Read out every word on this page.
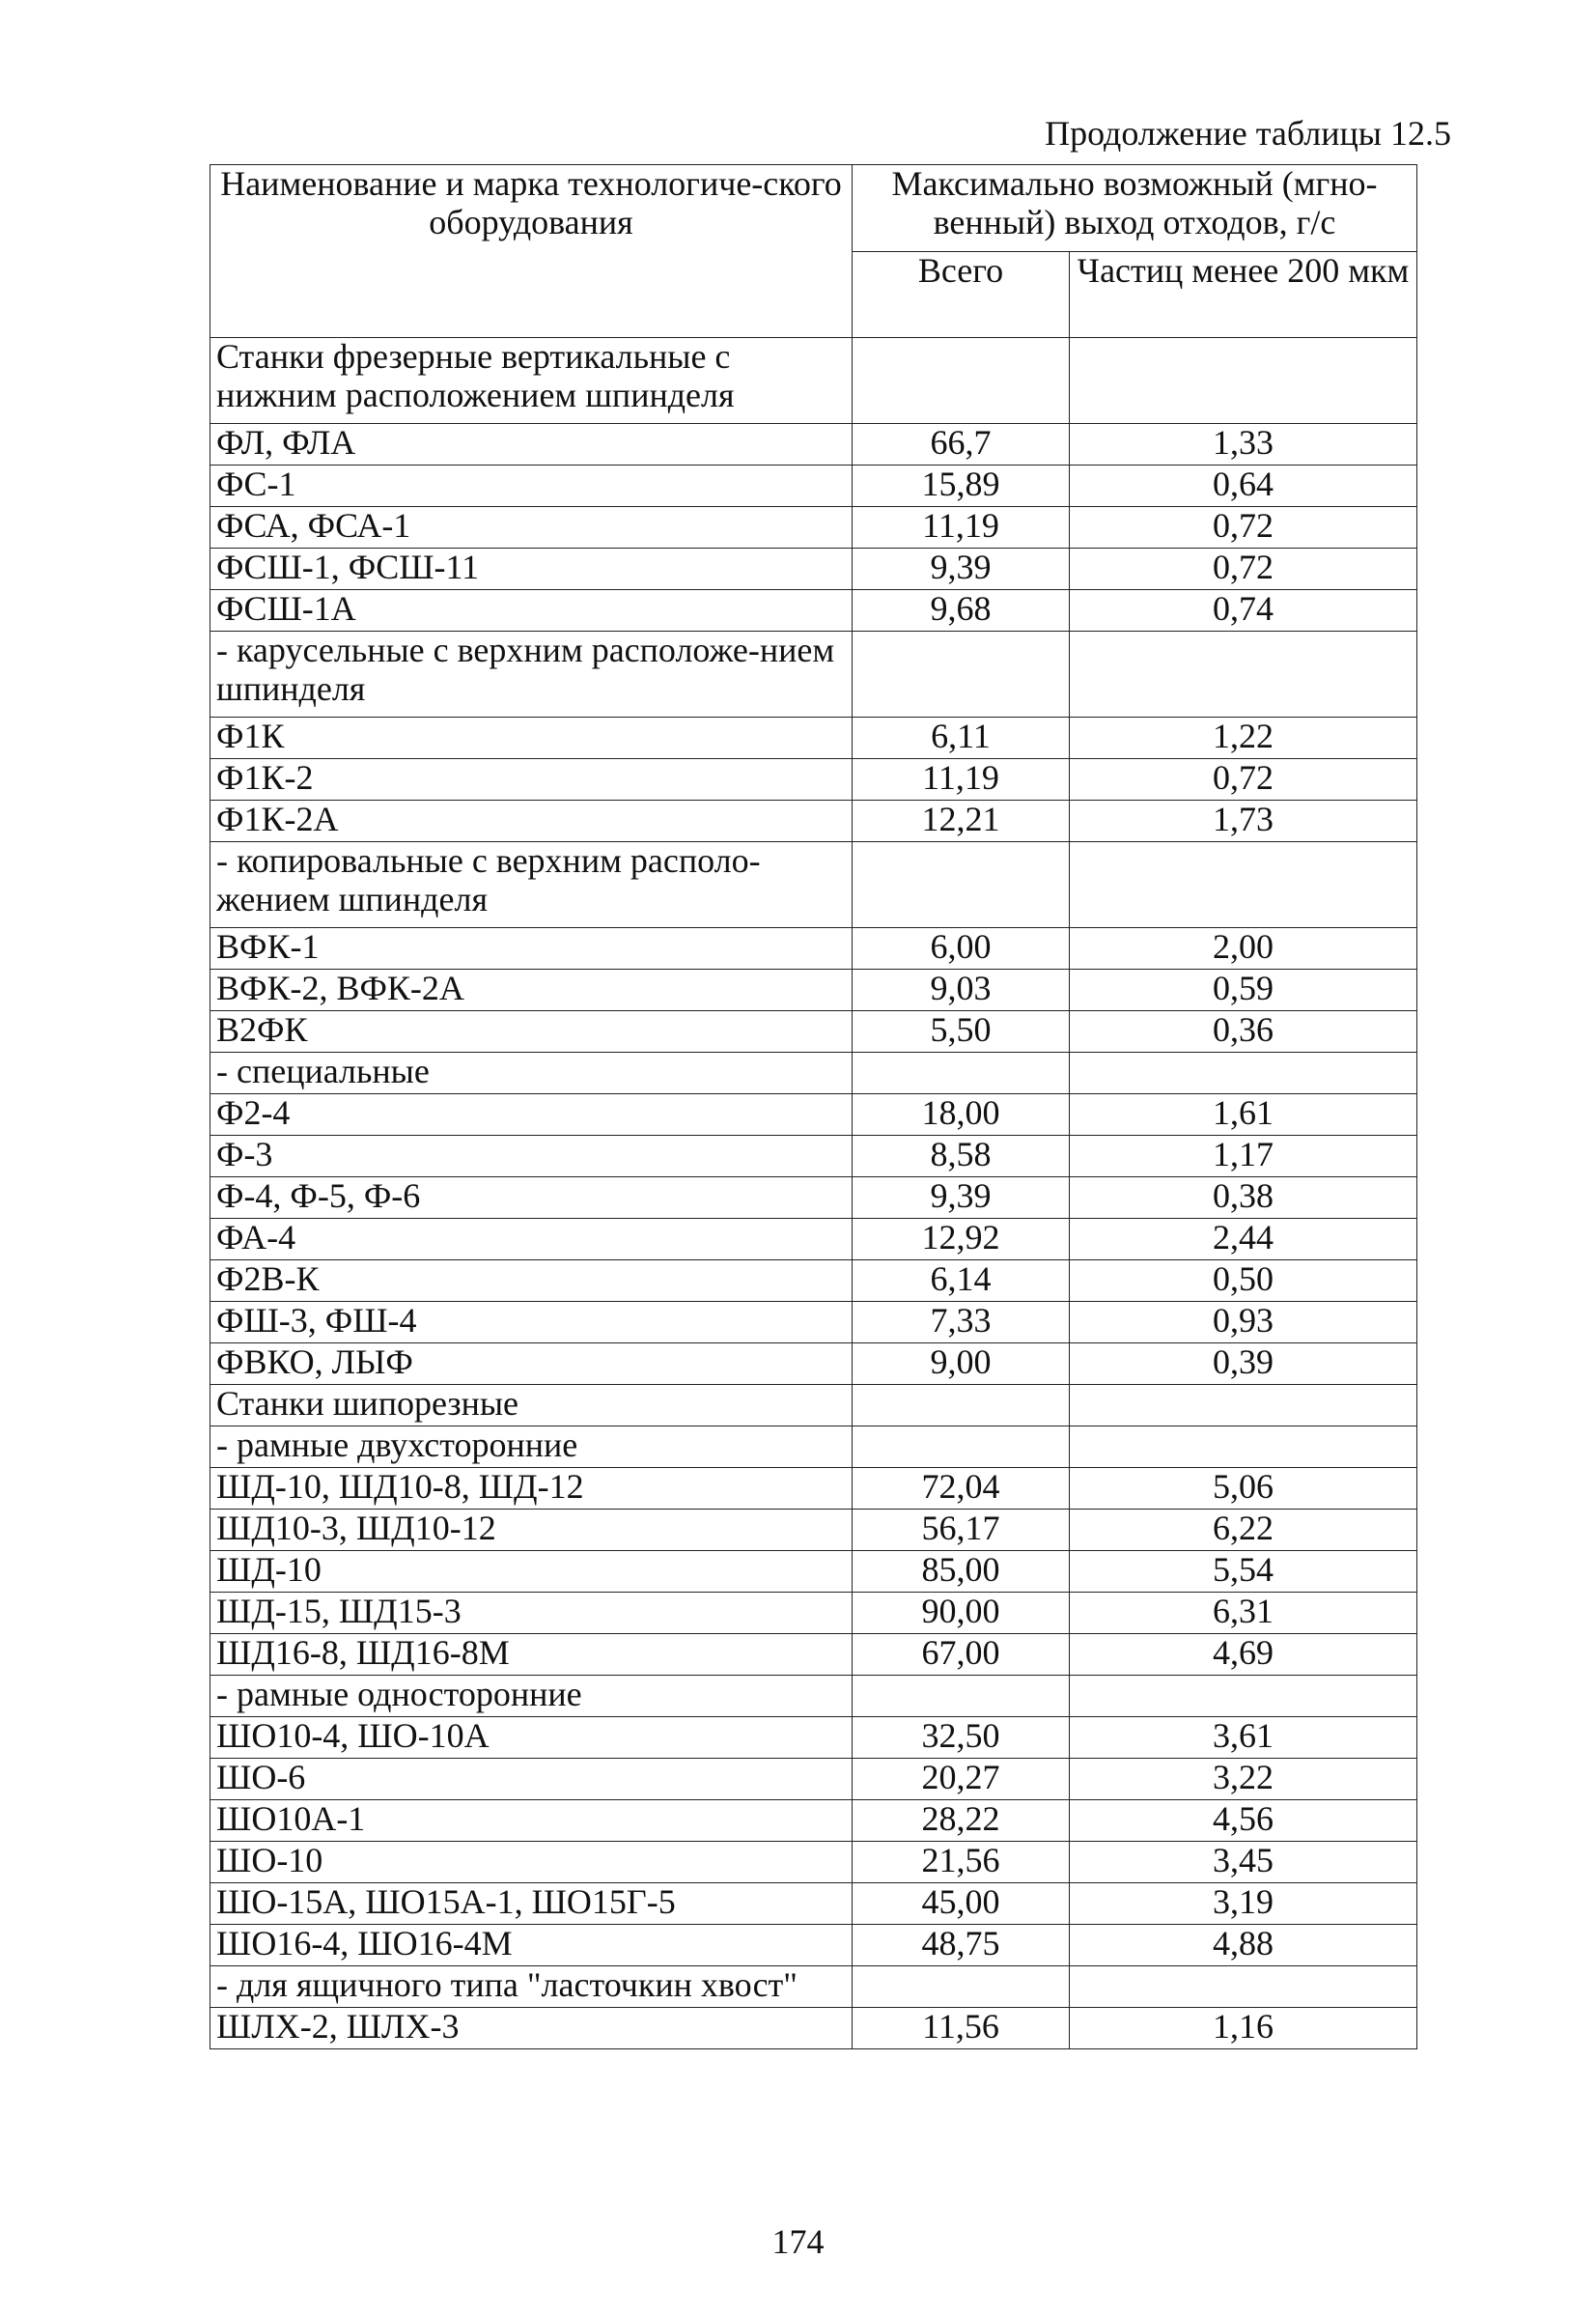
Продолжение таблицы 12.5
Наименование и марка технологиче-ского оборудования	Максимально возможный (мгно-венный) выход отходов, г/с	
	Всего	Частиц менее 200 мкм
Станки фрезерные вертикальные с нижним расположением шпинделя		
ФЛ, ФЛА	66,7	1,33
ФС-1	15,89	0,64
ФСА, ФСА-1	11,19	0,72
ФСШ-1, ФСШ-11	9,39	0,72
ФСШ-1А	9,68	0,74
- карусельные с верхним расположе-нием шпинделя		
Ф1К	6,11	1,22
Ф1К-2	11,19	0,72
Ф1К-2А	12,21	1,73
- копировальные с верхним располо-жением шпинделя		
ВФК-1	6,00	2,00
ВФК-2, ВФК-2А	9,03	0,59
В2ФК	5,50	0,36
- специальные		
Ф2-4	18,00	1,61
Ф-3	8,58	1,17
Ф-4, Ф-5, Ф-6	9,39	0,38
ФА-4	12,92	2,44
Ф2В-К	6,14	0,50
ФШ-3, ФШ-4	7,33	0,93
ФВКО, ЛЫФ	9,00	0,39
Станки шипорезные		
- рамные двухсторонние		
ШД-10, ШД10-8, ШД-12	72,04	5,06
ШД10-3, ШД10-12	56,17	6,22
ШД-10	85,00	5,54
ШД-15, ШД15-3	90,00	6,31
ШД16-8, ШД16-8М	67,00	4,69
- рамные односторонние		
ШО10-4, ШО-10А	32,50	3,61
ШО-6	20,27	3,22
ШО10А-1	28,22	4,56
ШО-10	21,56	3,45
ШО-15А, ШО15А-1, ШО15Г-5	45,00	3,19
ШО16-4, ШО16-4М	48,75	4,88
- для ящичного типа "ласточкин хвост"		
ШЛХ-2, ШЛХ-3	11,56	1,16
174
